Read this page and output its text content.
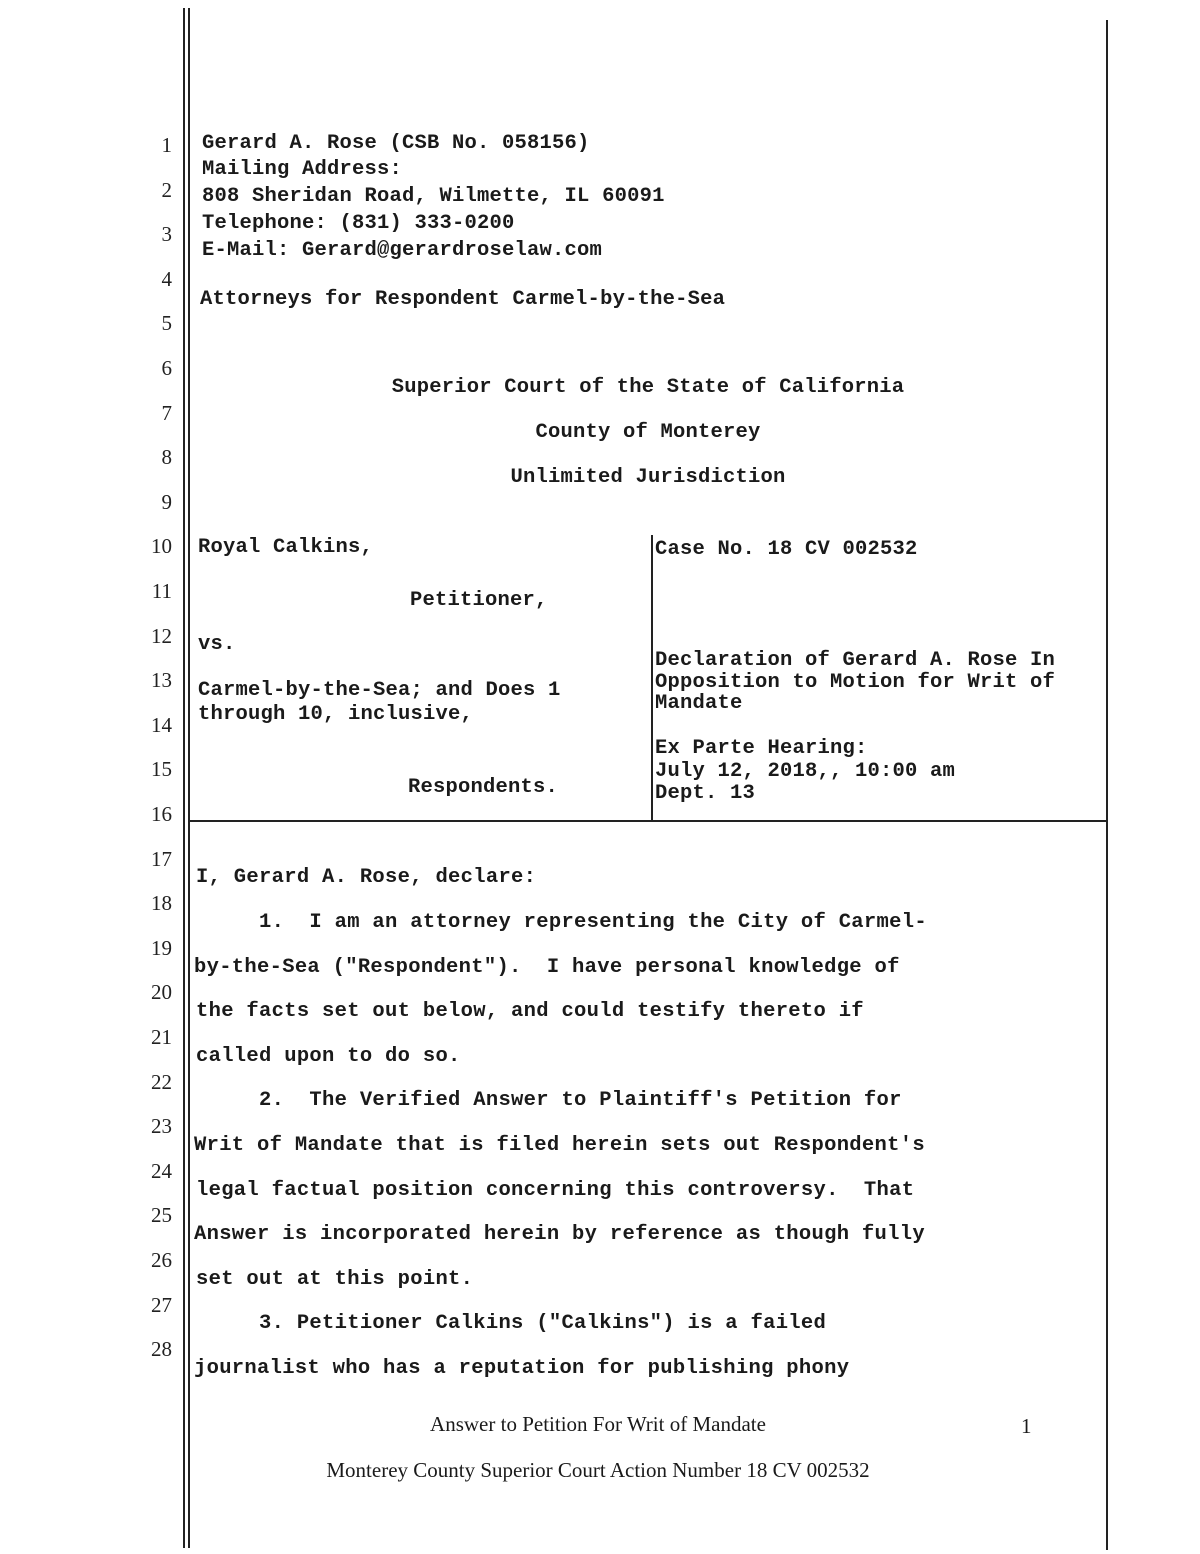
1
2
3
4
5
6
7
8
9
10
11
12
13
14
15
16
17
18
19
20
21
22
23
24
25
26
27
28
Gerard A. Rose (CSB No. 058156)
Mailing Address:
808 Sheridan Road, Wilmette, IL 60091
Telephone: (831) 333-0200
E-Mail: Gerard@gerardroselaw.com
Attorneys for Respondent Carmel-by-the-Sea
Superior Court of the State of California
County of Monterey
Unlimited Jurisdiction
Royal Calkins,
Petitioner,
vs.
Carmel-by-the-Sea; and Does 1
through 10, inclusive,
Respondents.
Case No. 18 CV 002532
Declaration of Gerard A. Rose In
Opposition to Motion for Writ of
Mandate
Ex Parte Hearing:
July 12, 2018,, 10:00 am
Dept. 13
I, Gerard A. Rose, declare:
1.  I am an attorney representing the City of Carmel-
by-the-Sea ("Respondent").  I have personal knowledge of
the facts set out below, and could testify thereto if
called upon to do so.
2.  The Verified Answer to Plaintiff's Petition for
Writ of Mandate that is filed herein sets out Respondent's
legal factual position concerning this controversy.  That
Answer is incorporated herein by reference as though fully
set out at this point.
3. Petitioner Calkins ("Calkins") is a failed
journalist who has a reputation for publishing phony
Answer to Petition For Writ of Mandate	1
Monterey County Superior Court Action Number 18 CV 002532
